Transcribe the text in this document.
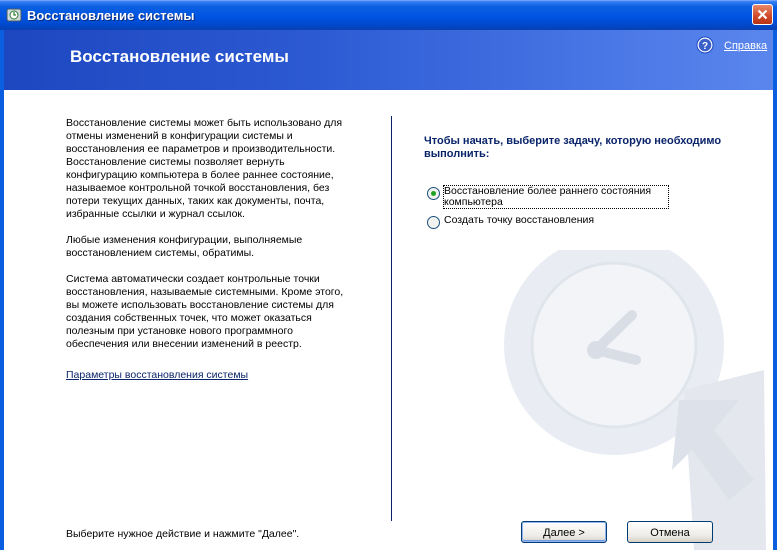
Восстановление системы
Восстановление системы
? Справка

Восстановление системы может быть использовано для отмены изменений в конфигурации системы и восстановления ее параметров и производительности. Восстановление системы позволяет вернуть конфигурацию компьютера в более раннее состояние, называемое контрольной точкой восстановления, без потери текущих данных, таких как документы, почта, избранные ссылки и журнал ссылок.

Любые изменения конфигурации, выполняемые восстановлением системы, обратимы.

Система автоматически создает контрольные точки восстановления, называемые системными. Кроме этого, вы можете использовать восстановление системы для создания собственных точек, что может оказаться полезным при установке нового программного обеспечения или внесении изменений в реестр.

Параметры восстановления системы
Чтобы начать, выберите задачу, которую необходимо выполнить:
Восстановление более раннего состояния компьютера
Создать точку восстановления
Выберите нужное действие и нажмите "Далее".	Далее >	Отмена
